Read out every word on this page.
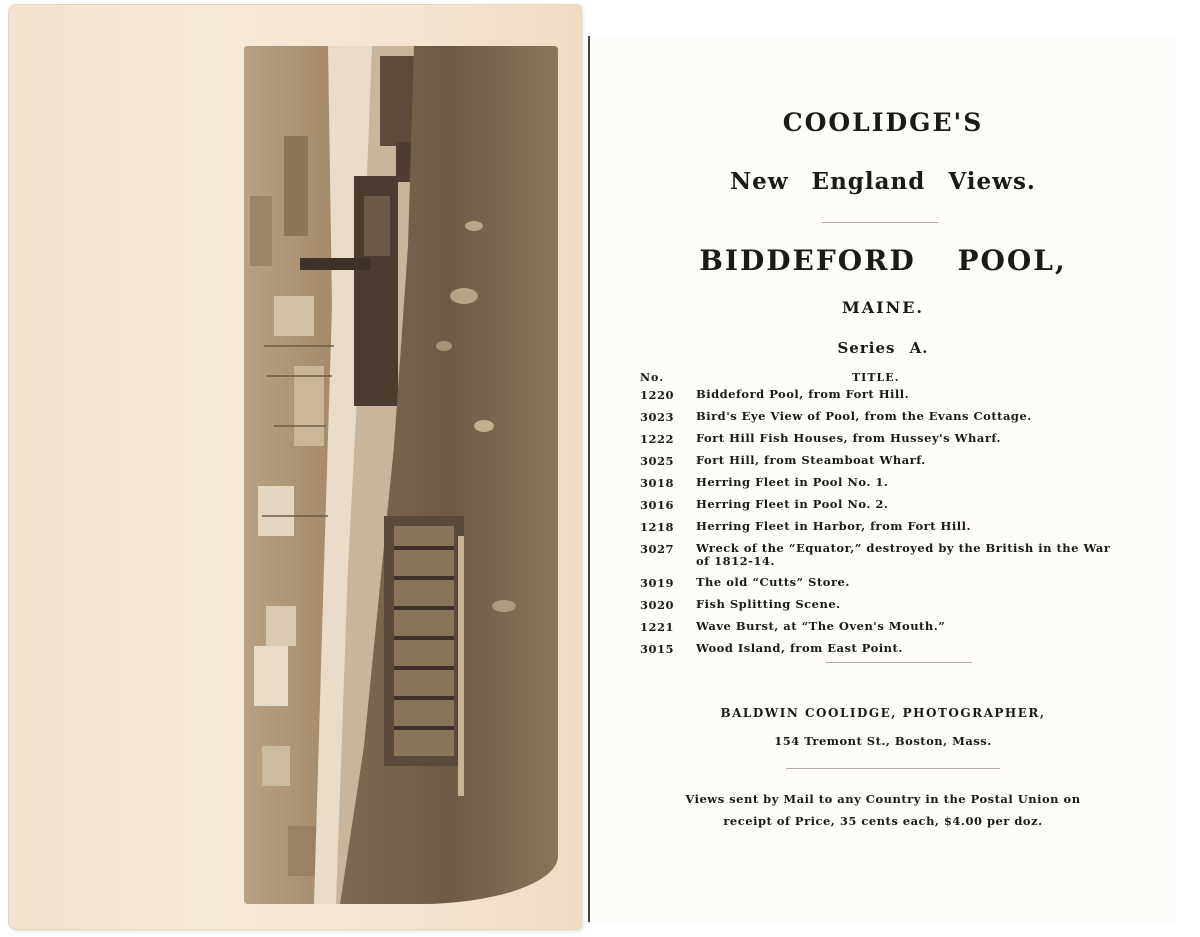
COOLIDGE'S
New England Views.
BIDDEFORD POOL,
MAINE.
Series A.
No.	TITLE.
1220	Biddeford Pool, from Fort Hill.
3023	Bird's Eye View of Pool, from the Evans Cottage.
1222	Fort Hill Fish Houses, from Hussey's Wharf.
3025	Fort Hill, from Steamboat Wharf.
3018	Herring Fleet in Pool No. 1.
3016	Herring Fleet in Pool No. 2.
1218	Herring Fleet in Harbor, from Fort Hill.
3027	Wreck of the “Equator,” destroyed by the British in the War of 1812-14.
3019	The old “Cutts” Store.
3020	Fish Splitting Scene.
1221	Wave Burst, at “The Oven's Mouth.”
3015	Wood Island, from East Point.
BALDWIN COOLIDGE, PHOTOGRAPHER,
154 Tremont St., Boston, Mass.
Views sent by Mail to any Country in the Postal Union on
receipt of Price, 35 cents each, $4.00 per doz.
